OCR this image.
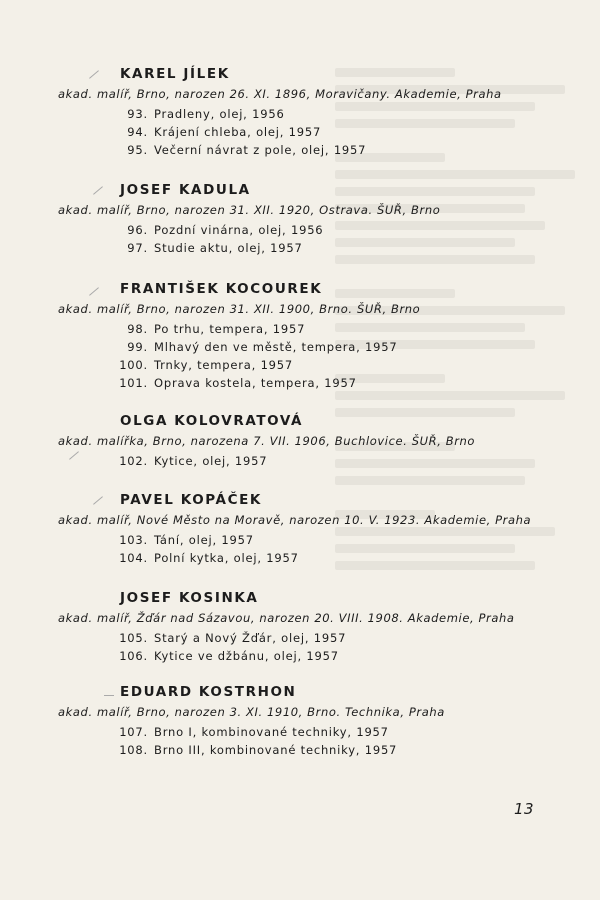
KAREL JÍLEK
akad. malíř, Brno, narozen 26. XI. 1896, Moravičany. Akademie, Praha
93. Pradleny, olej, 1956
94. Krájení chleba, olej, 1957
95. Večerní návrat z pole, olej, 1957
JOSEF KADULA
akad. malíř, Brno, narozen 31. XII. 1920, Ostrava. ŠUŘ, Brno
96. Pozdní vinárna, olej, 1956
97. Studie aktu, olej, 1957
FRANTIŠEK KOCOUREK
akad. malíř, Brno, narozen 31. XII. 1900, Brno. ŠUŘ, Brno
98. Po trhu, tempera, 1957
99. Mlhavý den ve městě, tempera, 1957
100. Trnky, tempera, 1957
101. Oprava kostela, tempera, 1957
OLGA KOLOVRATOVÁ
akad. malířka, Brno, narozena 7. VII. 1906, Buchlovice. ŠUŘ, Brno
102. Kytice, olej, 1957
PAVEL KOPÁČEK
akad. malíř, Nové Město na Moravě, narozen 10. V. 1923. Akademie, Praha
103. Tání, olej, 1957
104. Polní kytka, olej, 1957
JOSEF KOSINKA
akad. malíř, Žďár nad Sázavou, narozen 20. VIII. 1908. Akademie, Praha
105. Starý a Nový Žďár, olej, 1957
106. Kytice ve džbánu, olej, 1957
EDUARD KOSTRHON
akad. malíř, Brno, narozen 3. XI. 1910, Brno. Technika, Praha
107. Brno I, kombinované techniky, 1957
108. Brno III, kombinované techniky, 1957
13
